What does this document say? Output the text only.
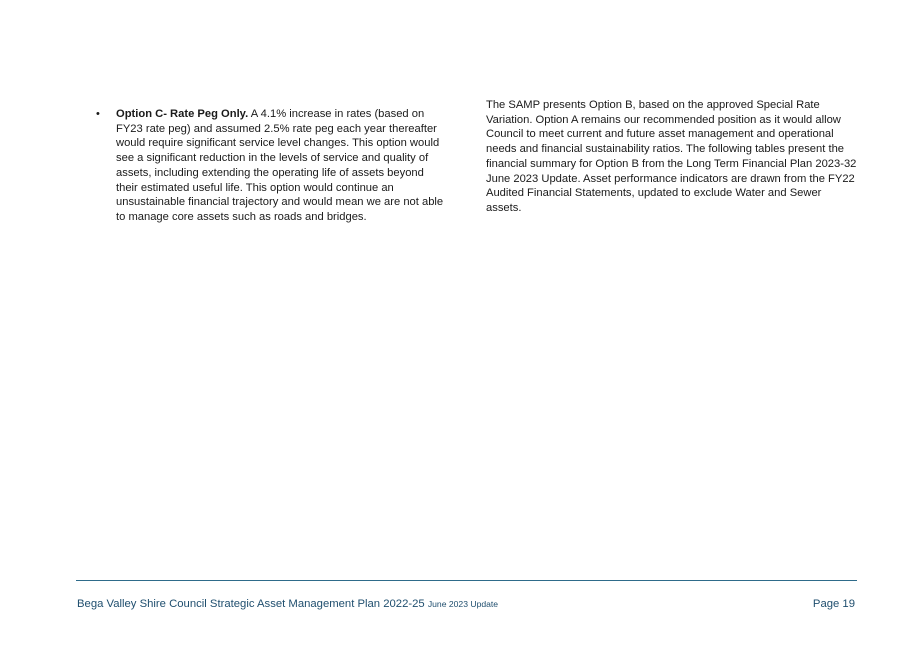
• Option C- Rate Peg Only. A 4.1% increase in rates (based on FY23 rate peg) and assumed 2.5% rate peg each year thereafter would require significant service level changes. This option would see a significant reduction in the levels of service and quality of assets, including extending the operating life of assets beyond their estimated useful life. This option would continue an unsustainable financial trajectory and would mean we are not able to manage core assets such as roads and bridges.

The SAMP presents Option B, based on the approved Special Rate Variation. Option A remains our recommended position as it would allow Council to meet current and future asset management and operational needs and financial sustainability ratios. The following tables present the financial summary for Option B from the Long Term Financial Plan 2023-32 June 2023 Update. Asset performance indicators are drawn from the FY22 Audited Financial Statements, updated to exclude Water and Sewer assets.

Bega Valley Shire Council Strategic Asset Management Plan 2022-25 June 2023 Update	Page 19
